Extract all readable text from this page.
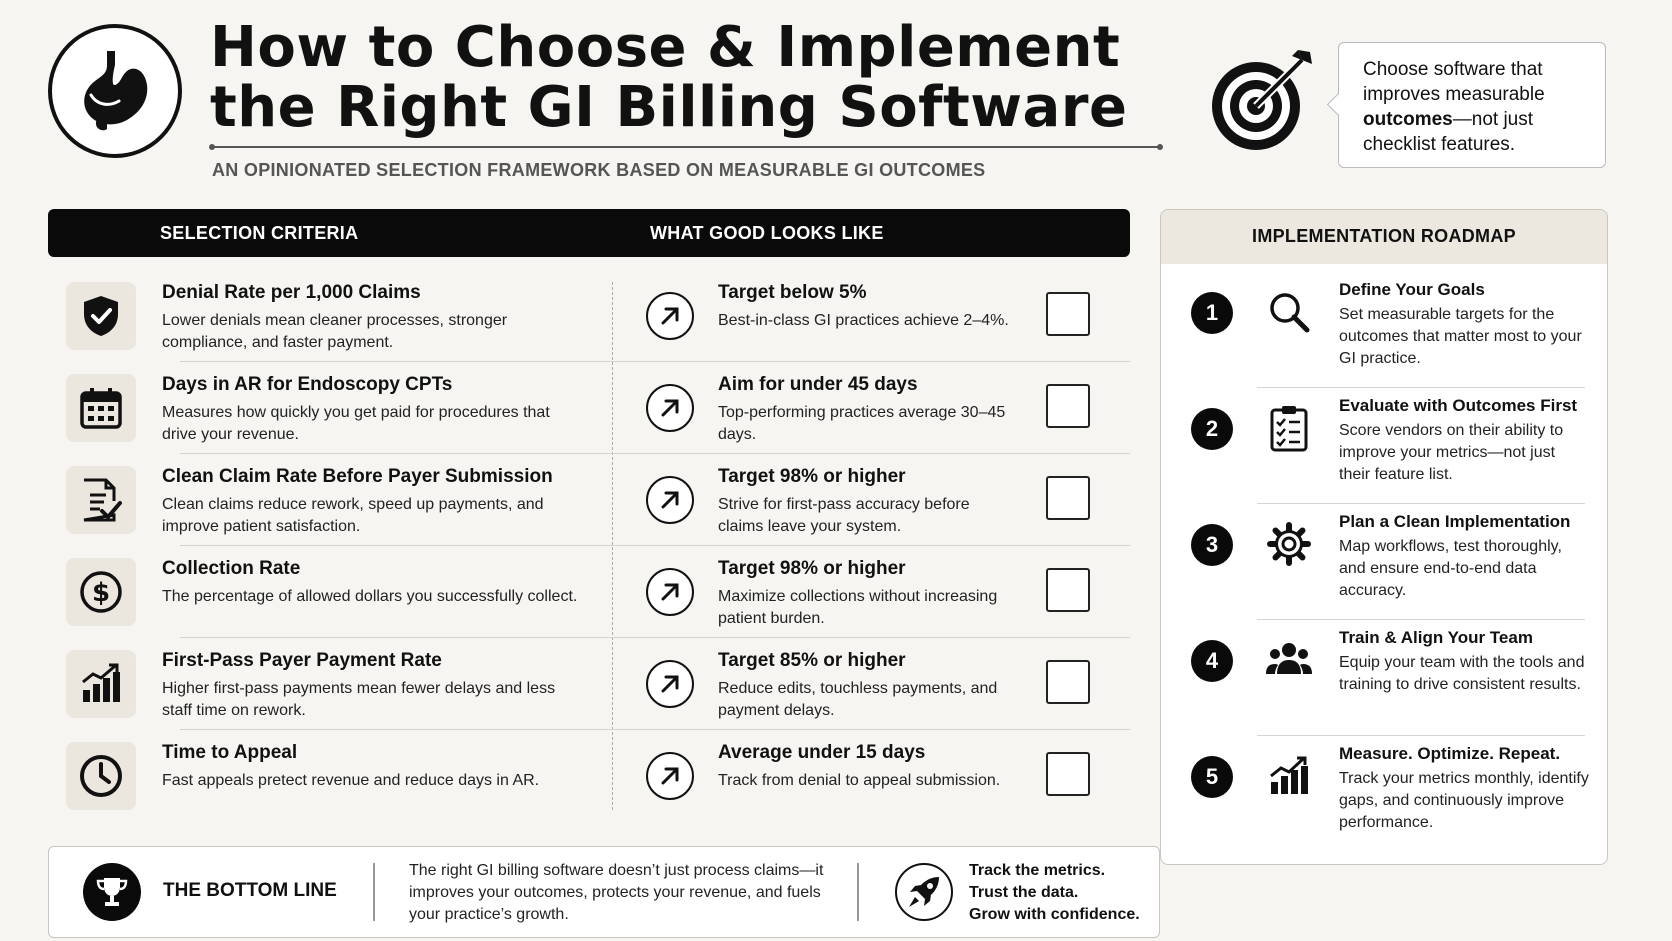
How to Choose & Implement
the Right GI Billing Software
AN OPINIONATED SELECTION FRAMEWORK BASED ON MEASURABLE GI OUTCOMES
Choose software that improves measurable outcomes—not just checklist features.
SELECTION CRITERIA	WHAT GOOD LOOKS LIKE
Denial Rate per 1,000 Claims
Lower denials mean cleaner processes, stronger compliance, and faster payment.
Target below 5%
Best-in-class GI practices achieve 2–4%.
Days in AR for Endoscopy CPTs
Measures how quickly you get paid for procedures that drive your revenue.
Aim for under 45 days
Top-performing practices average 30–45 days.
Clean Claim Rate Before Payer Submission
Clean claims reduce rework, speed up payments, and improve patient satisfaction.
Target 98% or higher
Strive for first-pass accuracy before claims leave your system.
$
Collection Rate
The percentage of allowed dollars you successfully collect.
Target 98% or higher
Maximize collections without increasing patient burden.
First-Pass Payer Payment Rate
Higher first-pass payments mean fewer delays and less staff time on rework.
Target 85% or higher
Reduce edits, touchless payments, and payment delays.
Time to Appeal
Fast appeals pretect revenue and reduce days in AR.
Average under 15 days
Track from denial to appeal submission.
THE BOTTOM LINE
The right GI billing software doesn’t just process claims—it improves your outcomes, protects your revenue, and fuels your practice’s growth.
Track the metrics.
Trust the data.
Grow with confidence.
IMPLEMENTATION ROADMAP
1
Define Your Goals
Set measurable targets for the outcomes that matter most to your GI practice.
2
Evaluate with Outcomes First
Score vendors on their ability to improve your metrics—not just their feature list.
3
Plan a Clean Implementation
Map workflows, test thoroughly, and ensure end-to-end data accuracy.
4
Train & Align Your Team
Equip your team with the tools and training to drive consistent results.
5
Measure. Optimize. Repeat.
Track your metrics monthly, identify gaps, and continuously improve performance.
